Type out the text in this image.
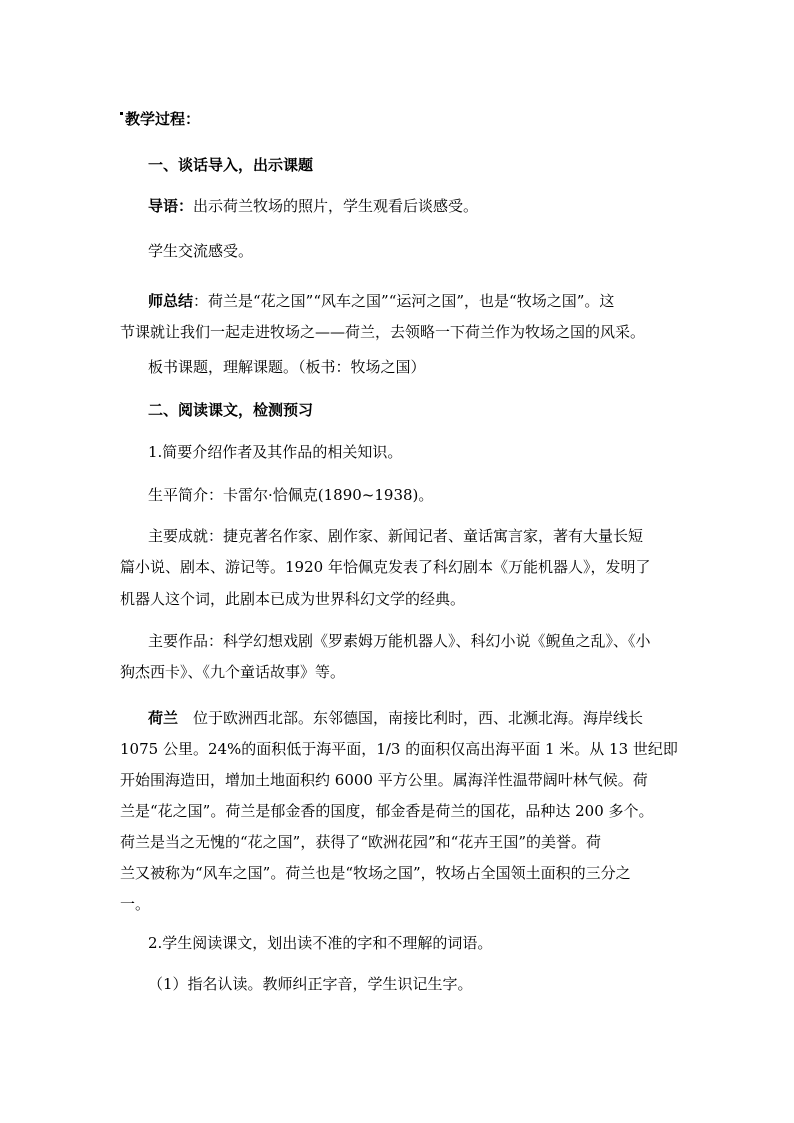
教学过程：
一、谈话导入，出示课题
导语：出示荷兰牧场的照片，学生观看后谈感受。
学生交流感受。
师总结：荷兰是“花之国”“风车之国”“运河之国”，也是“牧场之国”。这
节课就让我们一起走进牧场之——荷兰，去领略一下荷兰作为牧场之国的风采。
板书课题，理解课题。（板书：牧场之国）
二、阅读课文，检测预习
1.简要介绍作者及其作品的相关知识。
生平简介：卡雷尔·恰佩克(1890~1938)。
主要成就：捷克著名作家、剧作家、新闻记者、童话寓言家，著有大量长短
篇小说、剧本、游记等。1920 年恰佩克发表了科幻剧本《万能机器人》，发明了
机器人这个词，此剧本已成为世界科幻文学的经典。
主要作品：科学幻想戏剧《罗素姆万能机器人》、科幻小说《鲵鱼之乱》、《小
狗杰西卡》、《九个童话故事》等。
荷兰　位于欧洲西北部。东邻德国，南接比利时，西、北濒北海。海岸线长
1075 公里。24%的面积低于海平面，1/3 的面积仅高出海平面 1 米。从 13 世纪即
开始围海造田，增加土地面积约 6000 平方公里。属海洋性温带阔叶林气候。荷
兰是“花之国”。荷兰是郁金香的国度，郁金香是荷兰的国花，品种达 200 多个。
荷兰是当之无愧的“花之国”，获得了“欧洲花园”和“花卉王国”的美誉。荷
兰又被称为“风车之国”。荷兰也是“牧场之国”，牧场占全国领土面积的三分之
一。
2.学生阅读课文，划出读不准的字和不理解的词语。
（1）指名认读。教师纠正字音，学生识记生字。
